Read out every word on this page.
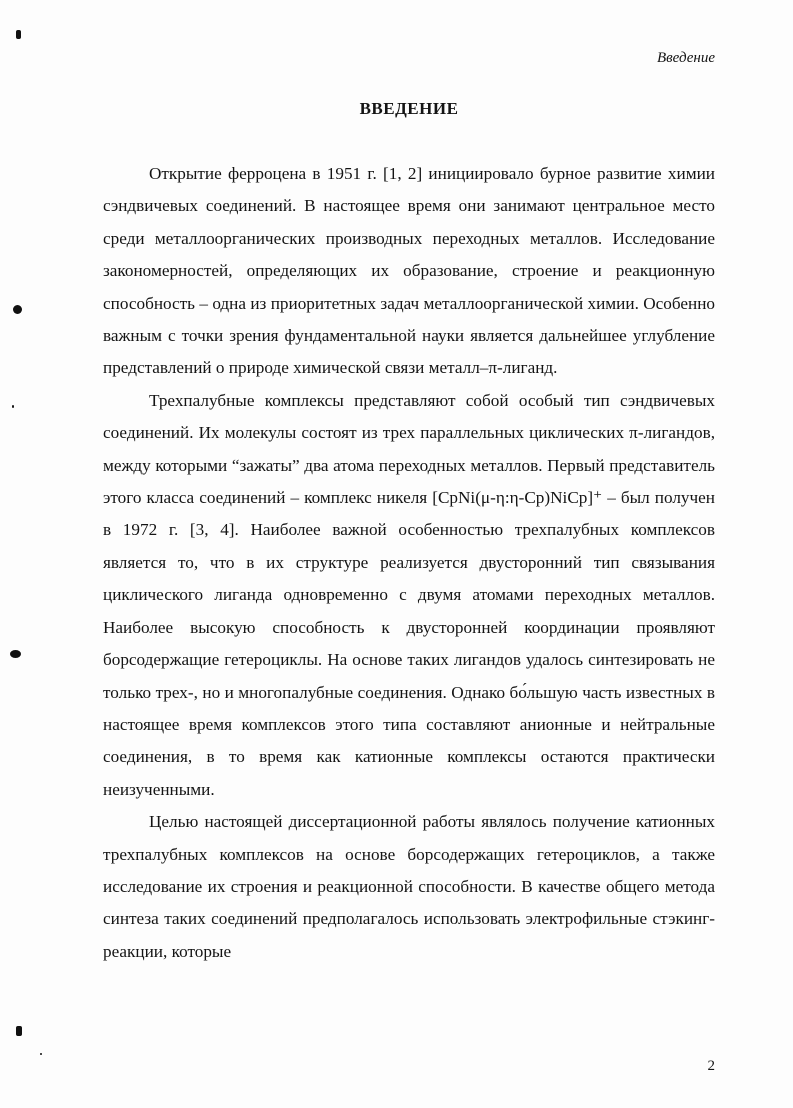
Введение
ВВЕДЕНИЕ

Открытие ферроцена в 1951 г. [1, 2] инициировало бурное развитие химии сэндвичевых соединений. В настоящее время они занимают центральное место среди металлоорганических производных переходных металлов. Исследование закономерностей, определяющих их образование, строение и реакционную способность – одна из приоритетных задач металлоорганической химии. Особенно важным с точки зрения фундаментальной науки является дальнейшее углубление представлений о природе химической связи металл–π-лиганд.

Трехпалубные комплексы представляют собой особый тип сэндвичевых соединений. Их молекулы состоят из трех параллельных циклических π-лигандов, между которыми “зажаты” два атома переходных металлов. Первый представитель этого класса соединений – комплекс никеля [CpNi(μ-η:η-Cp)NiCp]⁺ – был получен в 1972 г. [3, 4]. Наиболее важной особенностью трехпалубных комплексов является то, что в их структуре реализуется двусторонний тип связывания циклического лиганда одновременно с двумя атомами переходных металлов. Наиболее высокую способность к двусторонней координации проявляют борсодержащие гетероциклы. На основе таких лигандов удалось синтезировать не только трех-, но и многопалубные соединения. Однако бо́льшую часть известных в настоящее время комплексов этого типа составляют анионные и нейтральные соединения, в то время как катионные комплексы остаются практически неизученными.

Целью настоящей диссертационной работы являлось получение катионных трехпалубных комплексов на основе борсодержащих гетероциклов, а также исследование их строения и реакционной способности. В качестве общего метода синтеза таких соединений предполагалось использовать электрофильные стэкинг-реакции, которые

2
